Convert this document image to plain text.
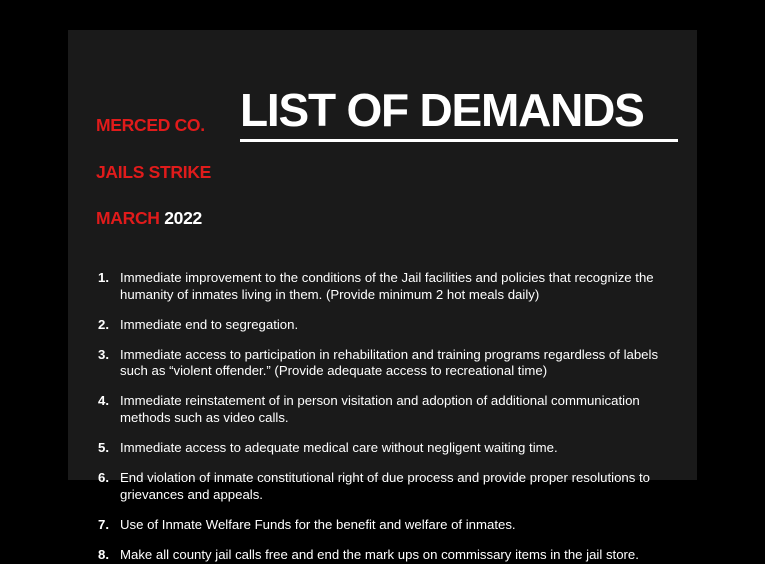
MERCED CO.

JAILS STRIKE

MARCH 2022

LIST OF DEMANDS
1. Immediate improvement to the conditions of the Jail facilities and policies that recognize the humanity of inmates living in them. (Provide minimum 2 hot meals daily)
2. Immediate end to segregation.
3. Immediate access to participation in rehabilitation and training programs regardless of labels such as “violent offender.” (Provide adequate access to recreational time)
4. Immediate reinstatement of in person visitation and adoption of additional communication methods such as video calls.
5. Immediate access to adequate medical care without negligent waiting time.
6. End violation of inmate constitutional right of due process and provide proper resolutions to grievances and appeals.
7. Use of Inmate Welfare Funds for the benefit and welfare of inmates.
8. Make all county jail calls free and end the mark ups on commissary items in the jail store.
